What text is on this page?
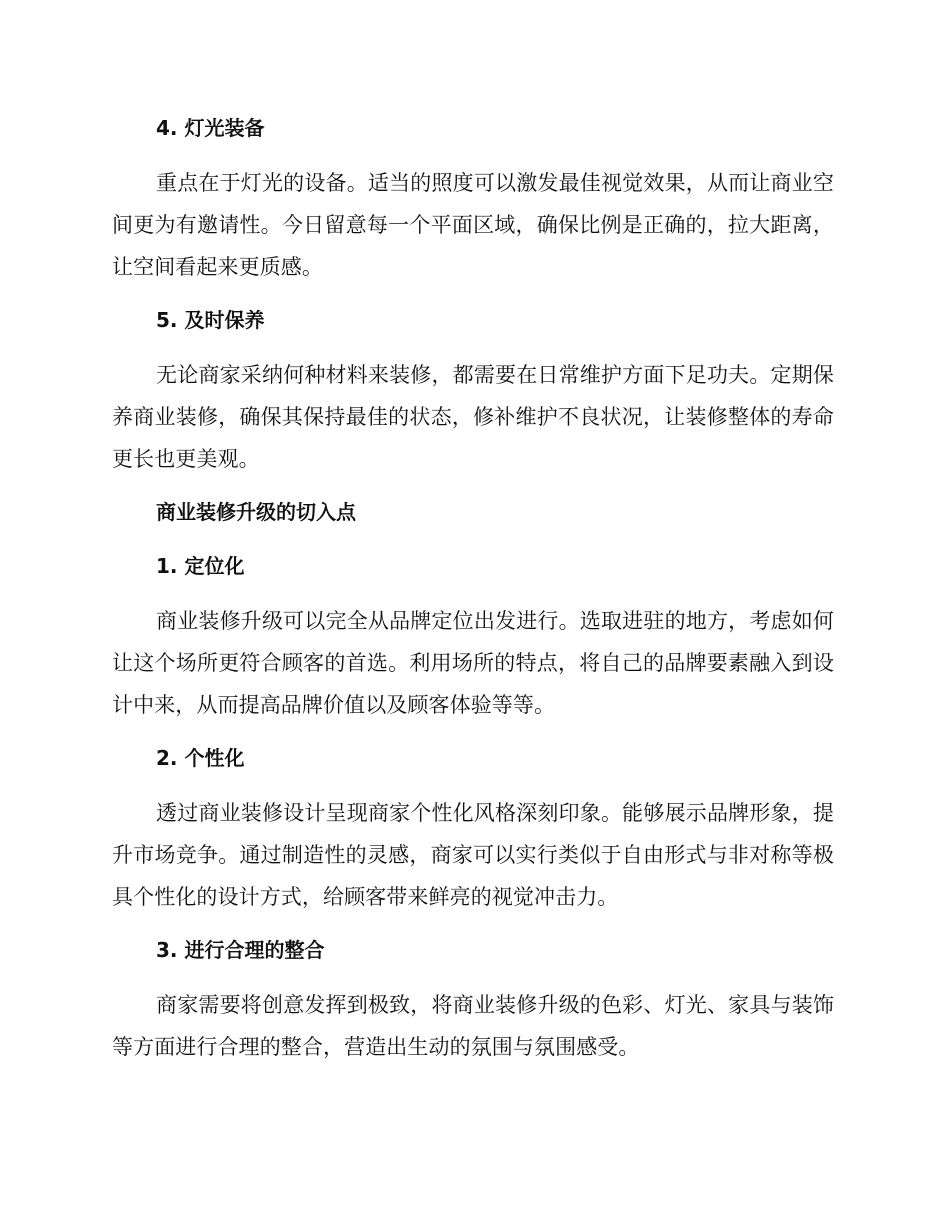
4. 灯光装备

重点在于灯光的设备。适当的照度可以激发最佳视觉效果，从而让商业空间更为有邀请性。今日留意每一个平面区域，确保比例是正确的，拉大距离，让空间看起来更质感。

5. 及时保养

无论商家采纳何种材料来装修，都需要在日常维护方面下足功夫。定期保养商业装修，确保其保持最佳的状态，修补维护不良状况，让装修整体的寿命更长也更美观。

商业装修升级的切入点
1. 定位化

商业装修升级可以完全从品牌定位出发进行。选取进驻的地方，考虑如何让这个场所更符合顾客的首选。利用场所的特点，将自己的品牌要素融入到设计中来，从而提高品牌价值以及顾客体验等等。

2. 个性化

透过商业装修设计呈现商家个性化风格深刻印象。能够展示品牌形象，提升市场竞争。通过制造性的灵感，商家可以实行类似于自由形式与非对称等极具个性化的设计方式，给顾客带来鲜亮的视觉冲击力。

3. 进行合理的整合

商家需要将创意发挥到极致，将商业装修升级的色彩、灯光、家具与装饰等方面进行合理的整合，营造出生动的氛围与氛围感受。
